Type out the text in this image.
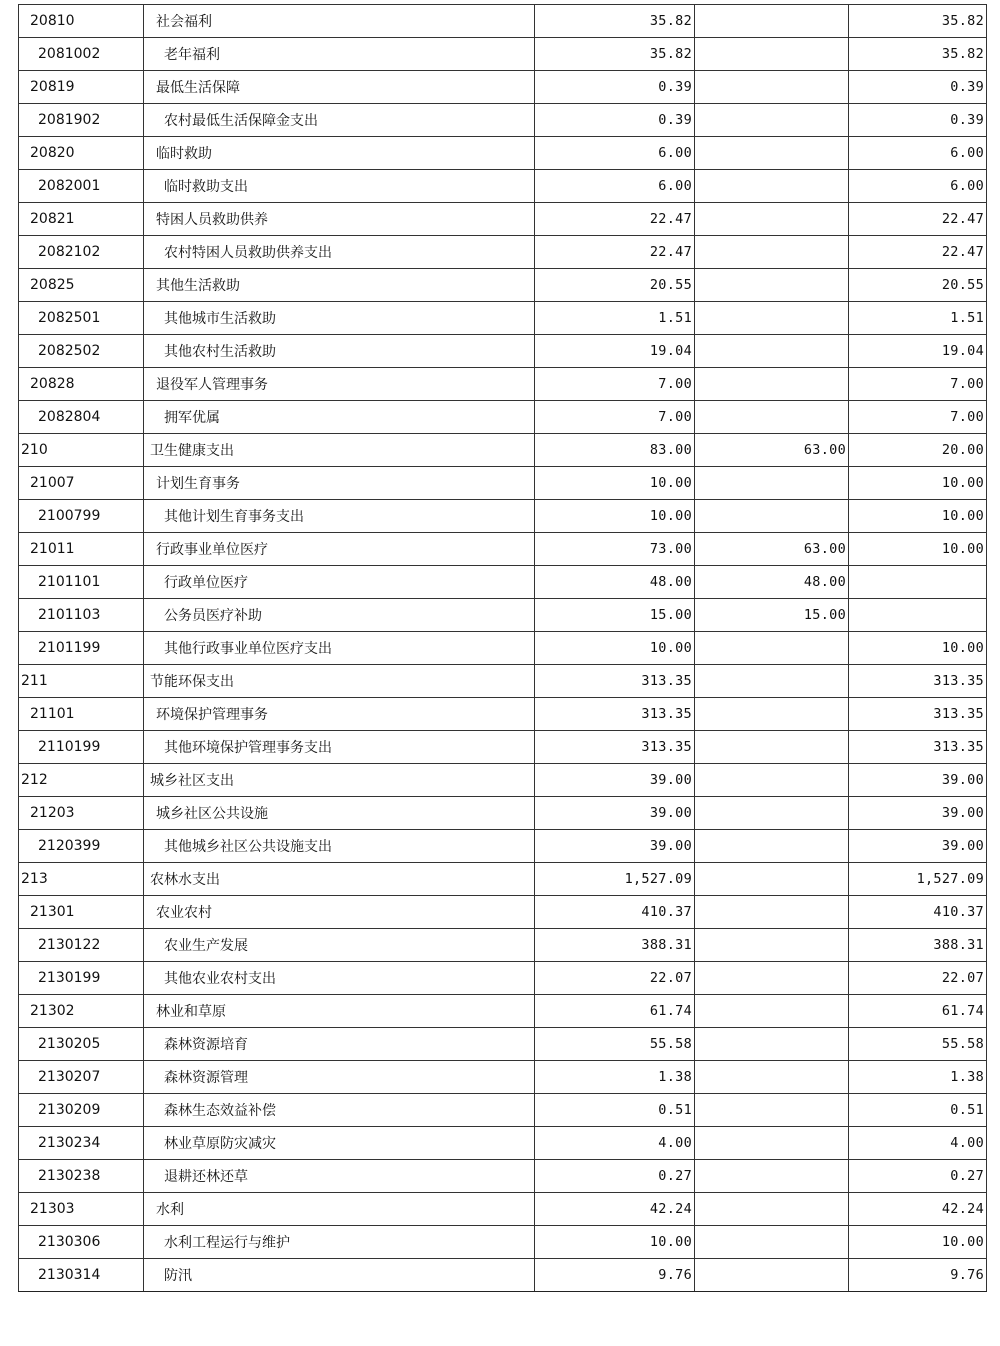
20810	社会福利	35.82		35.82
2081002	老年福利	35.82		35.82
20819	最低生活保障	0.39		0.39
2081902	农村最低生活保障金支出	0.39		0.39
20820	临时救助	6.00		6.00
2082001	临时救助支出	6.00		6.00
20821	特困人员救助供养	22.47		22.47
2082102	农村特困人员救助供养支出	22.47		22.47
20825	其他生活救助	20.55		20.55
2082501	其他城市生活救助	1.51		1.51
2082502	其他农村生活救助	19.04		19.04
20828	退役军人管理事务	7.00		7.00
2082804	拥军优属	7.00		7.00
210	卫生健康支出	83.00	63.00	20.00
21007	计划生育事务	10.00		10.00
2100799	其他计划生育事务支出	10.00		10.00
21011	行政事业单位医疗	73.00	63.00	10.00
2101101	行政单位医疗	48.00	48.00	
2101103	公务员医疗补助	15.00	15.00	
2101199	其他行政事业单位医疗支出	10.00		10.00
211	节能环保支出	313.35		313.35
21101	环境保护管理事务	313.35		313.35
2110199	其他环境保护管理事务支出	313.35		313.35
212	城乡社区支出	39.00		39.00
21203	城乡社区公共设施	39.00		39.00
2120399	其他城乡社区公共设施支出	39.00		39.00
213	农林水支出	1,527.09		1,527.09
21301	农业农村	410.37		410.37
2130122	农业生产发展	388.31		388.31
2130199	其他农业农村支出	22.07		22.07
21302	林业和草原	61.74		61.74
2130205	森林资源培育	55.58		55.58
2130207	森林资源管理	1.38		1.38
2130209	森林生态效益补偿	0.51		0.51
2130234	林业草原防灾减灾	4.00		4.00
2130238	退耕还林还草	0.27		0.27
21303	水利	42.24		42.24
2130306	水利工程运行与维护	10.00		10.00
2130314	防汛	9.76		9.76
